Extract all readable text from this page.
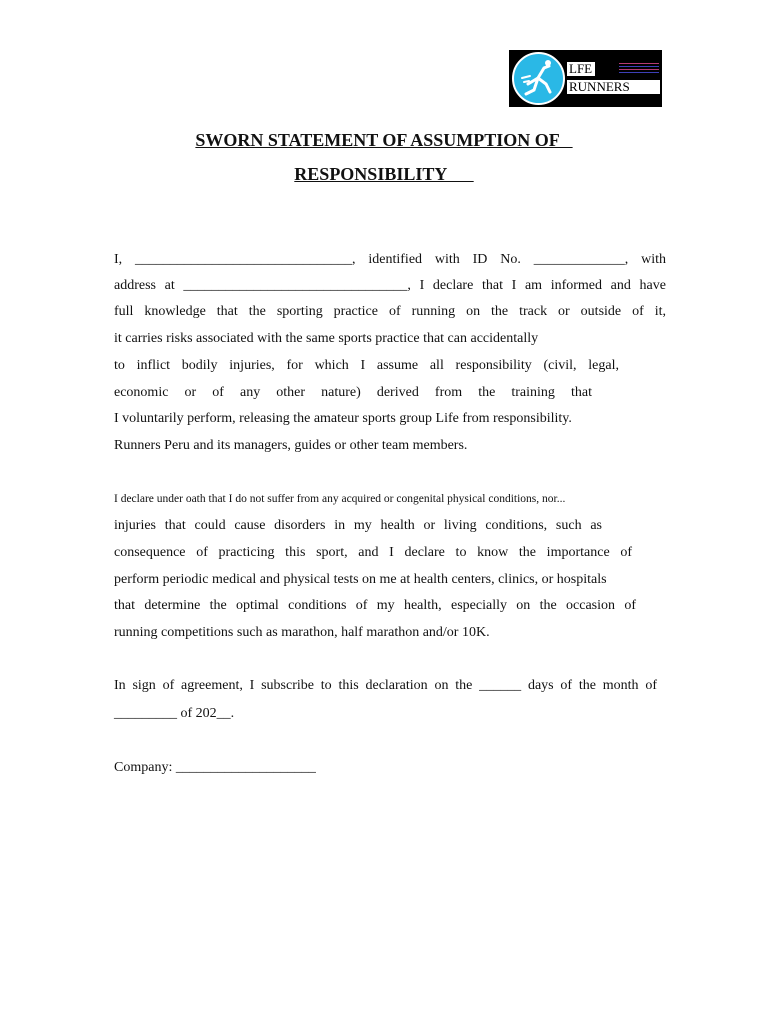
LFE
RUNNERS
SWORN STATEMENT OF ASSUMPTION OF
RESPONSIBILITY
I, _______________________________, identified with ID No. _____________, with
address at ________________________________, I declare that I am informed and have
full knowledge that the sporting practice of running on the track or outside of it,
it carries risks associated with the same sports practice that can accidentally
to inflict bodily injuries, for which I assume all responsibility (civil, legal,
economic or of any other nature) derived from the training that
I voluntarily perform, releasing the amateur sports group Life from responsibility.
Runners Peru and its managers, guides or other team members.
I declare under oath that I do not suffer from any acquired or congenital physical conditions, nor...
injuries that could cause disorders in my health or living conditions, such as
consequence of practicing this sport, and I declare to know the importance of
perform periodic medical and physical tests on me at health centers, clinics, or hospitals
that determine the optimal conditions of my health, especially on the occasion of
running competitions such as marathon, half marathon and/or 10K.
In sign of agreement, I subscribe to this declaration on the ______ days of the month of
_________ of 202__.
Company: ____________________
